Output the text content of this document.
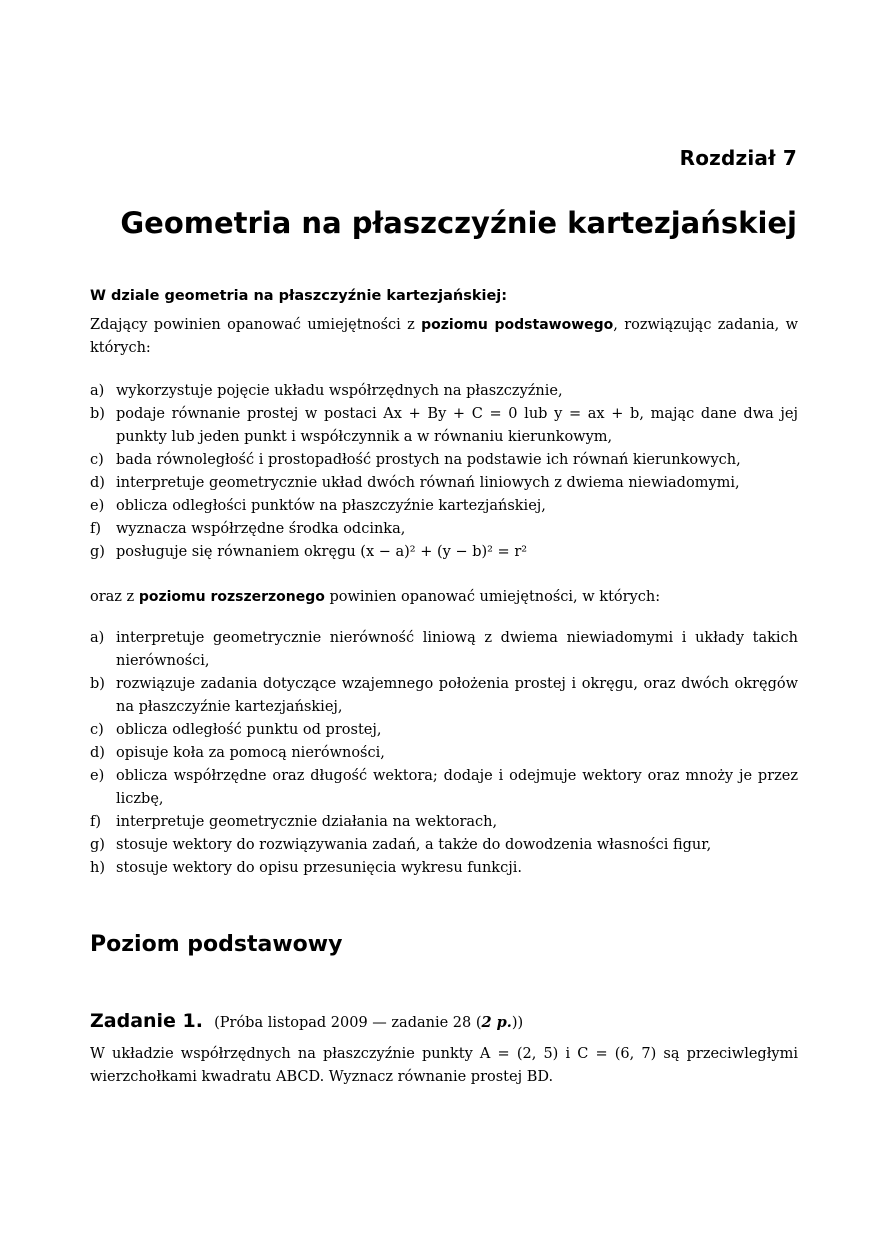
Rozdział 7
Geometria na płaszczyźnie kartezjańskiej
W dziale geometria na płaszczyźnie kartezjańskiej:
Zdający powinien opanować umiejętności z poziomu podstawowego, rozwiązując zadania, w których:
a) wykorzystuje pojęcie układu współrzędnych na płaszczyźnie,
b) podaje równanie prostej w postaci Ax + By + C = 0 lub y = ax + b, mając dane dwa jej punkty lub jeden punkt i współczynnik a w równaniu kierunkowym,
c) bada równoległość i prostopadłość prostych na podstawie ich równań kierunkowych,
d) interpretuje geometrycznie układ dwóch równań liniowych z dwiema niewiadomymi,
e) oblicza odległości punktów na płaszczyźnie kartezjańskiej,
f) wyznacza współrzędne środka odcinka,
g) posługuje się równaniem okręgu (x − a)² + (y − b)² = r²
oraz z poziomu rozszerzonego powinien opanować umiejętności, w których:
a) interpretuje geometrycznie nierówność liniową z dwiema niewiadomymi i układy takich nierówności,
b) rozwiązuje zadania dotyczące wzajemnego położenia prostej i okręgu, oraz dwóch okręgów na płaszczyźnie kartezjańskiej,
c) oblicza odległość punktu od prostej,
d) opisuje koła za pomocą nierówności,
e) oblicza współrzędne oraz długość wektora; dodaje i odejmuje wektory oraz mnoży je przez liczbę,
f) interpretuje geometrycznie działania na wektorach,
g) stosuje wektory do rozwiązywania zadań, a także do dowodzenia własności figur,
h) stosuje wektory do opisu przesunięcia wykresu funkcji.
Poziom podstawowy
Zadanie 1. (Próba listopad 2009 — zadanie 28 (2 p.))
W układzie współrzędnych na płaszczyźnie punkty A = (2, 5) i C = (6, 7) są przeciwległymi wierzchołkami kwadratu ABCD. Wyznacz równanie prostej BD.
